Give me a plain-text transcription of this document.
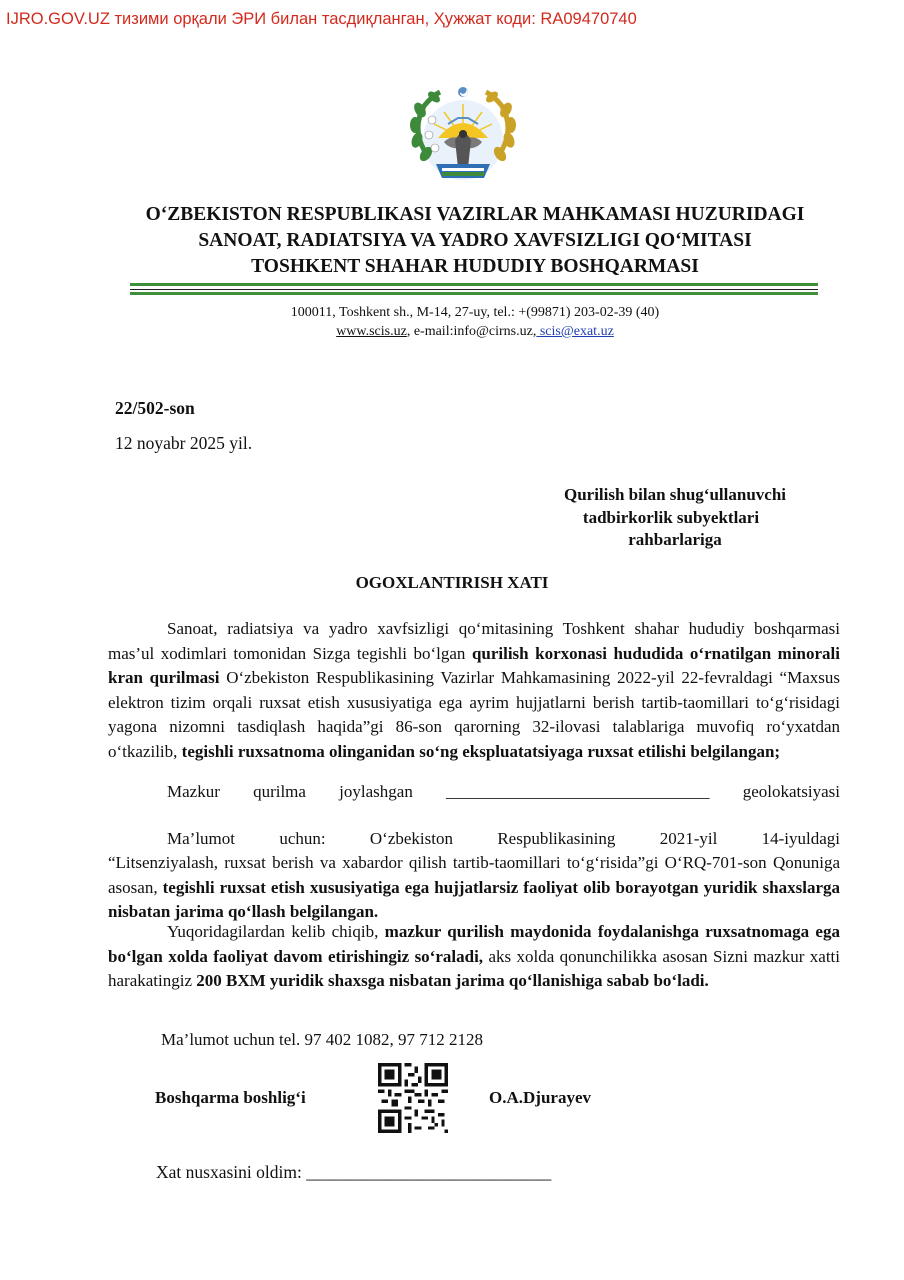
IJRO.GOV.UZ тизими орқали ЭРИ билан тасдиқланган, Ҳужжат коди: RA09470740
O‘ZBEKISTON RESPUBLIKASI VAZIRLAR MAHKAMASI HUZURIDAGI
SANOAT, RADIATSIYA VA YADRO XAVFSIZLIGI QO‘MITASI
TOSHKENT SHAHAR HUDUDIY BOSHQARMASI
100011, Toshkent sh., M-14, 27-uy, tel.: +(99871) 203-02-39 (40)
www.scis.uz, e-mail:info@cirns.uz, scis@exat.uz
22/502-son
12 noyabr 2025 yil.
Qurilish bilan shug‘ullanuvchi
tadbirkorlik subyektlari
rahbarlariga
OGOXLANTIRISH XATI
Sanoat, radiatsiya va yadro xavfsizligi qo‘mitasining Toshkent shahar hududiy boshqarmasi mas’ul xodimlari tomonidan Sizga tegishli bo‘lgan qurilish korxonasi hududida o‘rnatilgan minorali kran qurilmasi O‘zbekiston Respublikasining Vazirlar Mahkamasining 2022-yil 22-fevraldagi “Maxsus elektron tizim orqali ruxsat etish xususiyatiga ega ayrim hujjatlarni berish tartib-taomillari to‘g‘risidagi yagona nizomni tasdiqlash haqida”gi 86-son qarorning 32-ilovasi talablariga muvofiq ro‘yxatdan o‘tkazilib, tegishli ruxsatnoma olinganidan so‘ng ekspluatatsiyaga ruxsat etilishi belgilangan;
Mazkur qurilma joylashgan _______________________________ geolokatsiyasi
Ma’lumot	uchun:	O‘zbekiston	Respublikasining	2021-yil	14-iyuldagi
“Litsenziyalash, ruxsat berish va xabardor qilish tartib-taomillari to‘g‘risida”gi O‘RQ-701-son Qonuniga asosan, tegishli ruxsat etish xususiyatiga ega hujjatlarsiz faoliyat olib borayotgan yuridik shaxslarga nisbatan jarima qo‘llash belgilangan.
Yuqoridagilardan kelib chiqib, mazkur qurilish maydonida foydalanishga ruxsatnomaga ega bo‘lgan xolda faoliyat davom etirishingiz so‘raladi, aks xolda qonunchilikka asosan Sizni mazkur xatti harakatingiz 200 BXM yuridik shaxsga nisbatan jarima qo‘llanishiga sabab bo‘ladi.
Ma’lumot uchun tel. 97 402 1082, 97 712 2128
Boshqarma boshlig‘i	O.A.Djurayev
Xat nusxasini oldim: ____________________________
